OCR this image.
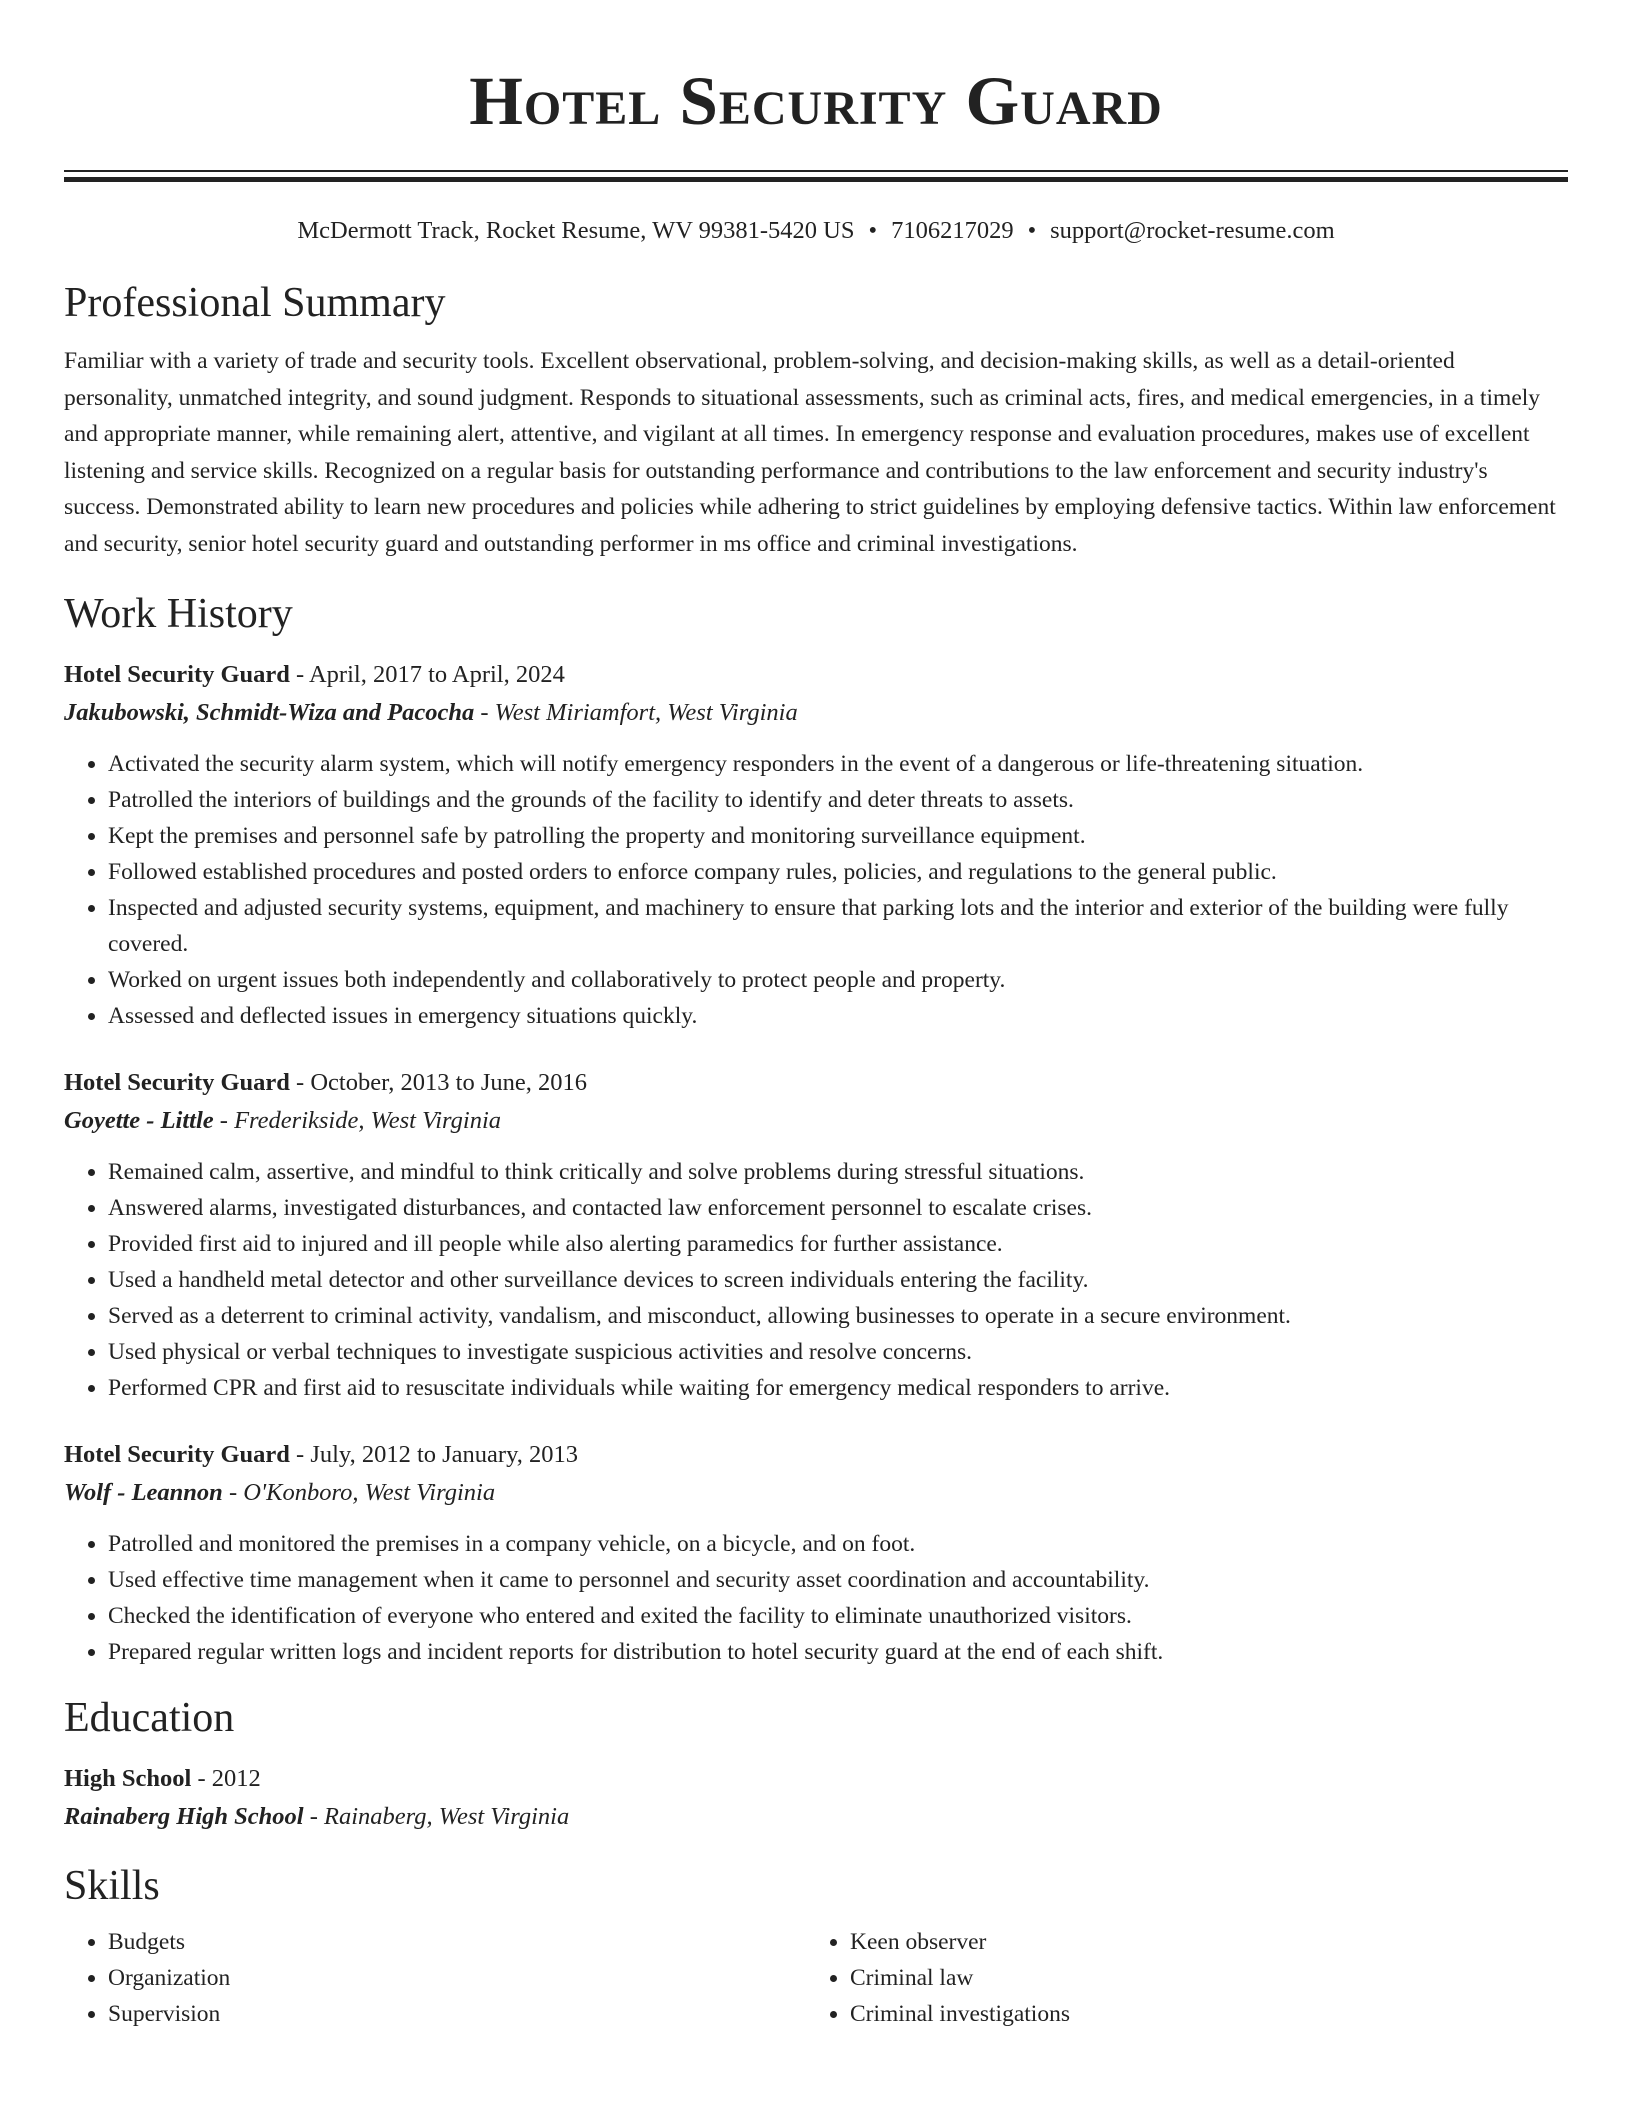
Hotel Security Guard
McDermott Track, Rocket Resume, WV 99381-5420 US • 7106217029 • support@rocket-resume.com
Professional Summary

Familiar with a variety of trade and security tools. Excellent observational, problem-solving, and decision-making skills, as well as a detail-oriented personality, unmatched integrity, and sound judgment. Responds to situational assessments, such as criminal acts, fires, and medical emergencies, in a timely and appropriate manner, while remaining alert, attentive, and vigilant at all times. In emergency response and evaluation procedures, makes use of excellent listening and service skills. Recognized on a regular basis for outstanding performance and contributions to the law enforcement and security industry's success. Demonstrated ability to learn new procedures and policies while adhering to strict guidelines by employing defensive tactics. Within law enforcement and security, senior hotel security guard and outstanding performer in ms office and criminal investigations.

Work History
Hotel Security Guard - April, 2017 to April, 2024
Jakubowski, Schmidt-Wiza and Pacocha - West Miriamfort, West Virginia
• Activated the security alarm system, which will notify emergency responders in the event of a dangerous or life-threatening situation.
• Patrolled the interiors of buildings and the grounds of the facility to identify and deter threats to assets.
• Kept the premises and personnel safe by patrolling the property and monitoring surveillance equipment.
• Followed established procedures and posted orders to enforce company rules, policies, and regulations to the general public.
• Inspected and adjusted security systems, equipment, and machinery to ensure that parking lots and the interior and exterior of the building were fully covered.
• Worked on urgent issues both independently and collaboratively to protect people and property.
• Assessed and deflected issues in emergency situations quickly.
Hotel Security Guard - October, 2013 to June, 2016
Goyette - Little - Frederikside, West Virginia
• Remained calm, assertive, and mindful to think critically and solve problems during stressful situations.
• Answered alarms, investigated disturbances, and contacted law enforcement personnel to escalate crises.
• Provided first aid to injured and ill people while also alerting paramedics for further assistance.
• Used a handheld metal detector and other surveillance devices to screen individuals entering the facility.
• Served as a deterrent to criminal activity, vandalism, and misconduct, allowing businesses to operate in a secure environment.
• Used physical or verbal techniques to investigate suspicious activities and resolve concerns.
• Performed CPR and first aid to resuscitate individuals while waiting for emergency medical responders to arrive.
Hotel Security Guard - July, 2012 to January, 2013
Wolf - Leannon - O'Konboro, West Virginia
• Patrolled and monitored the premises in a company vehicle, on a bicycle, and on foot.
• Used effective time management when it came to personnel and security asset coordination and accountability.
• Checked the identification of everyone who entered and exited the facility to eliminate unauthorized visitors.
• Prepared regular written logs and incident reports for distribution to hotel security guard at the end of each shift.
Education
High School - 2012
Rainaberg High School - Rainaberg, West Virginia
Skills
• Budgets
• Organization
• Supervision
• Keen observer
• Criminal law
• Criminal investigations
